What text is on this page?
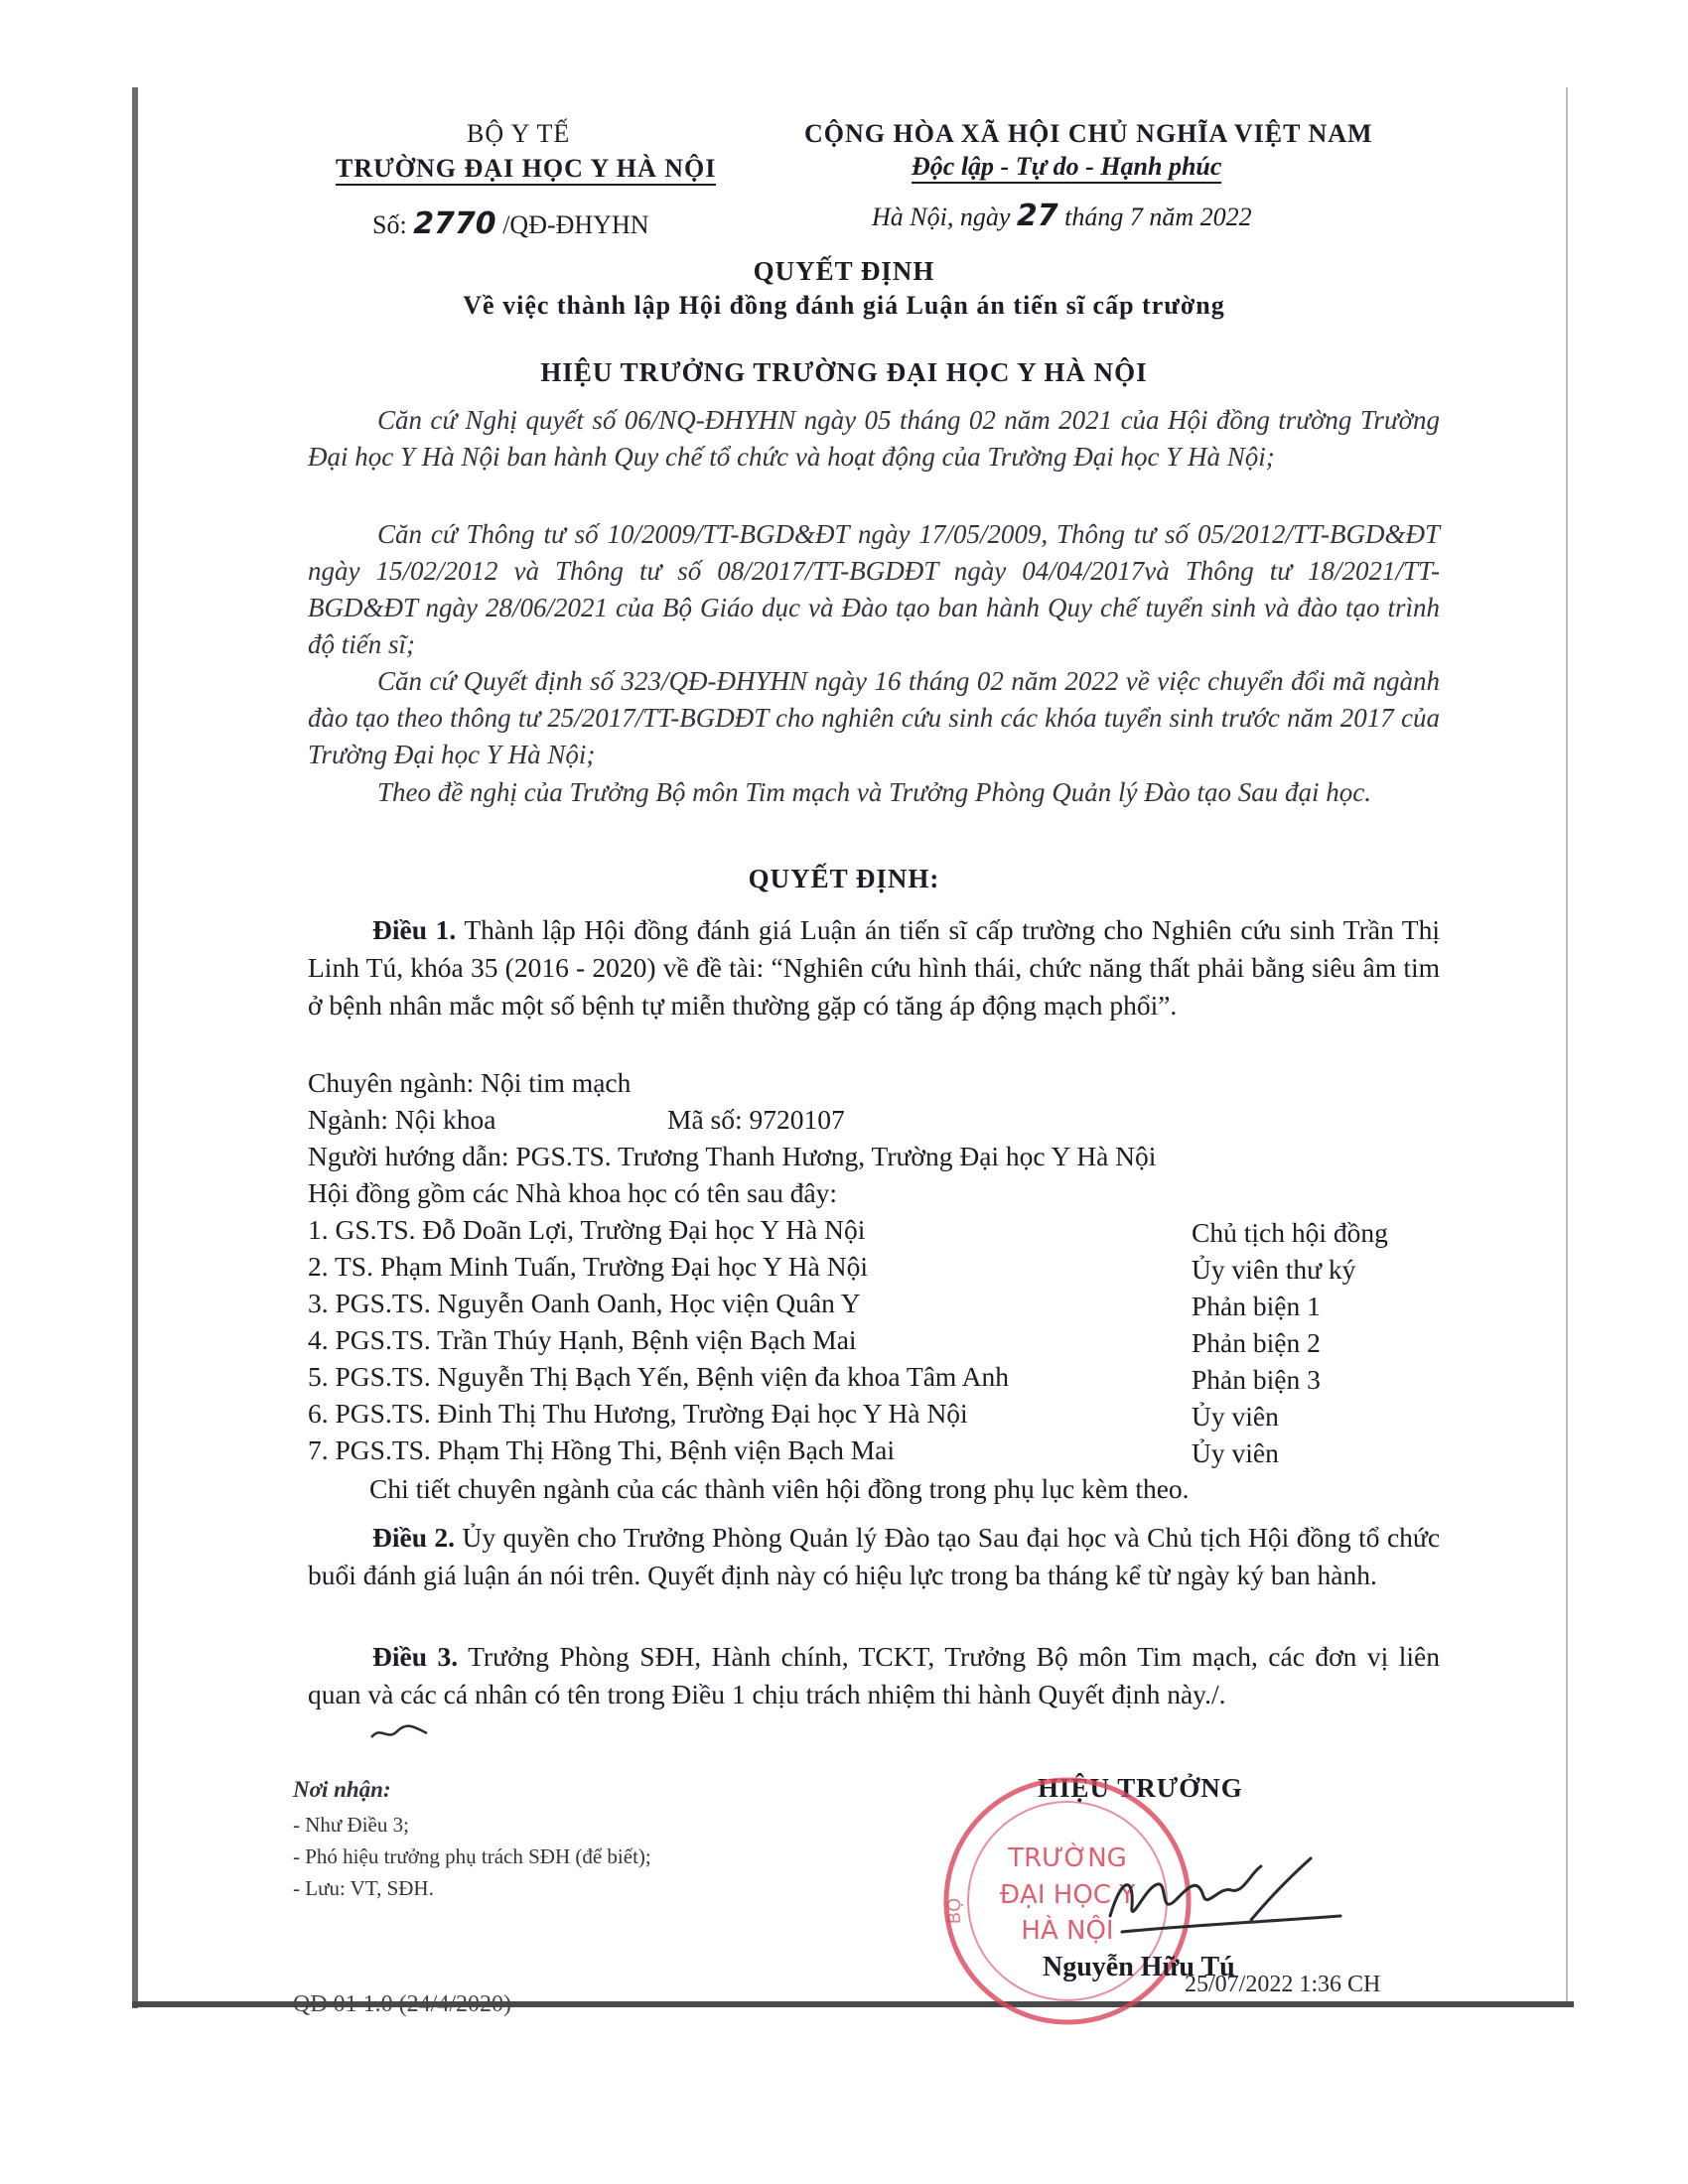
BỘ Y TẾ
TRƯỜNG ĐẠI HỌC Y HÀ NỘI
Số: 2770 /QĐ-ĐHYHN
CỘNG HÒA XÃ HỘI CHỦ NGHĨA VIỆT NAM
Độc lập - Tự do - Hạnh phúc
Hà Nội, ngày 27 tháng 7 năm 2022
QUYẾT ĐỊNH
Về việc thành lập Hội đồng đánh giá Luận án tiến sĩ cấp trường
HIỆU TRƯỞNG TRƯỜNG ĐẠI HỌC Y HÀ NỘI
Căn cứ Nghị quyết số 06/NQ-ĐHYHN ngày 05 tháng 02 năm 2021 của Hội đồng trường Trường Đại học Y Hà Nội ban hành Quy chế tổ chức và hoạt động của Trường Đại học Y Hà Nội;
Căn cứ Thông tư số 10/2009/TT-BGD&ĐT ngày 17/05/2009, Thông tư số 05/2012/TT-BGD&ĐT ngày 15/02/2012 và Thông tư số 08/2017/TT-BGDĐT ngày 04/04/2017và Thông tư 18/2021/TT-BGD&ĐT ngày 28/06/2021 của Bộ Giáo dục và Đào tạo ban hành Quy chế tuyển sinh và đào tạo trình độ tiến sĩ;
Căn cứ Quyết định số 323/QĐ-ĐHYHN ngày 16 tháng 02 năm 2022 về việc chuyển đổi mã ngành đào tạo theo thông tư 25/2017/TT-BGDĐT cho nghiên cứu sinh các khóa tuyển sinh trước năm 2017 của Trường Đại học Y Hà Nội;
Theo đề nghị của Trưởng Bộ môn Tim mạch và Trưởng Phòng Quản lý Đào tạo Sau đại học.
QUYẾT ĐỊNH:
Điều 1. Thành lập Hội đồng đánh giá Luận án tiến sĩ cấp trường cho Nghiên cứu sinh Trần Thị Linh Tú, khóa 35 (2016 - 2020) về đề tài: “Nghiên cứu hình thái, chức năng thất phải bằng siêu âm tim ở bệnh nhân mắc một số bệnh tự miễn thường gặp có tăng áp động mạch phổi”.
Chuyên ngành: Nội tim mạch
Ngành: Nội khoa	Mã số: 9720107
Người hướng dẫn: PGS.TS. Trương Thanh Hương, Trường Đại học Y Hà Nội
Hội đồng gồm các Nhà khoa học có tên sau đây:
1. GS.TS. Đỗ Doãn Lợi, Trường Đại học Y Hà Nội	Chủ tịch hội đồng
2. TS. Phạm Minh Tuấn, Trường Đại học Y Hà Nội	Ủy viên thư ký
3. PGS.TS. Nguyễn Oanh Oanh, Học viện Quân Y	Phản biện 1
4. PGS.TS. Trần Thúy Hạnh, Bệnh viện Bạch Mai	Phản biện 2
5. PGS.TS. Nguyễn Thị Bạch Yến, Bệnh viện đa khoa Tâm Anh	Phản biện 3
6. PGS.TS. Đinh Thị Thu Hương, Trường Đại học Y Hà Nội	Ủy viên
7. PGS.TS. Phạm Thị Hồng Thi, Bệnh viện Bạch Mai	Ủy viên
Chi tiết chuyên ngành của các thành viên hội đồng trong phụ lục kèm theo.
Điều 2. Ủy quyền cho Trưởng Phòng Quản lý Đào tạo Sau đại học và Chủ tịch Hội đồng tổ chức buổi đánh giá luận án nói trên. Quyết định này có hiệu lực trong ba tháng kể từ ngày ký ban hành.
Điều 3. Trưởng Phòng SĐH, Hành chính, TCKT, Trưởng Bộ môn Tim mạch, các đơn vị liên quan và các cá nhân có tên trong Điều 1 chịu trách nhiệm thi hành Quyết định này./.
Nơi nhận:
- Như Điều 3;
- Phó hiệu trưởng phụ trách SĐH (để biết);
- Lưu: VT, SĐH.
HIỆU TRƯỞNG
TRƯỜNG
ĐẠI HỌC Y
HÀ NỘI
BỘ
Nguyễn Hữu Tú
QĐ 01 1.0 (24/4/2020)
25/07/2022 1:36 CH
